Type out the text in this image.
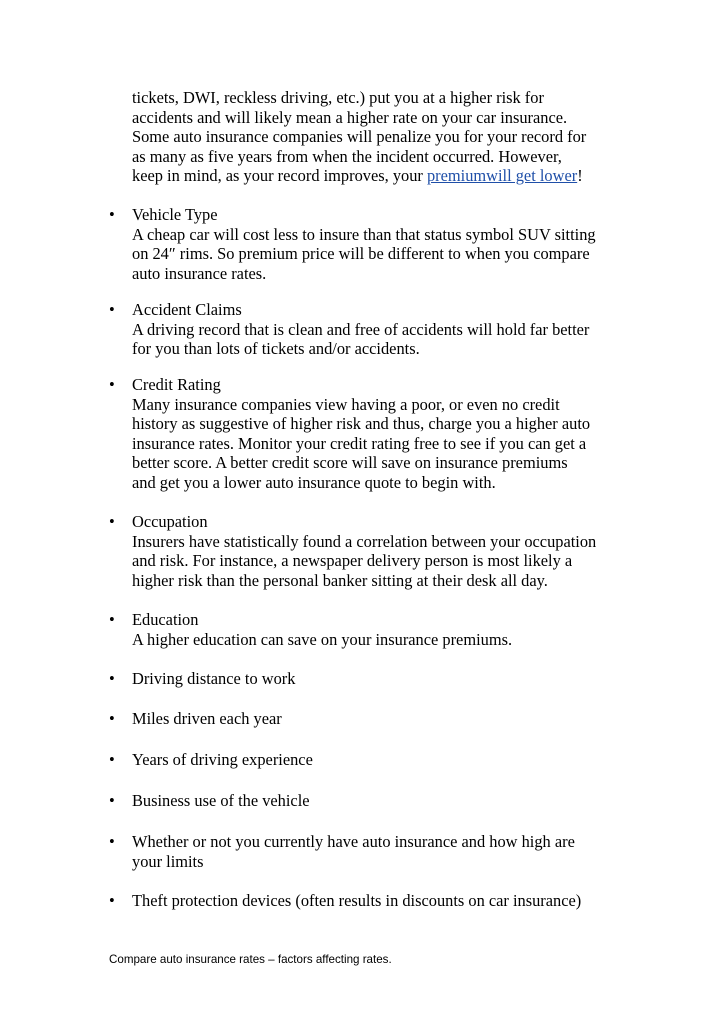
tickets, DWI, reckless driving, etc.) put you at a higher risk for
accidents and will likely mean a higher rate on your car insurance.
Some auto insurance companies will penalize you for your record for
as many as five years from when the incident occurred. However,
keep in mind, as your record improves, your premiumwill get lower!
• Vehicle Type
A cheap car will cost less to insure than that status symbol SUV sitting
on 24″ rims. So premium price will be different to when you compare
auto insurance rates.
• Accident Claims
A driving record that is clean and free of accidents will hold far better
for you than lots of tickets and/or accidents.
• Credit Rating
Many insurance companies view having a poor, or even no credit
history as suggestive of higher risk and thus, charge you a higher auto
insurance rates. Monitor your credit rating free to see if you can get a
better score. A better credit score will save on insurance premiums
and get you a lower auto insurance quote to begin with.
• Occupation
Insurers have statistically found a correlation between your occupation
and risk. For instance, a newspaper delivery person is most likely a
higher risk than the personal banker sitting at their desk all day.
• Education
A higher education can save on your insurance premiums.
• Driving distance to work
• Miles driven each year
• Years of driving experience
• Business use of the vehicle
• Whether or not you currently have auto insurance and how high are
your limits
• Theft protection devices (often results in discounts on car insurance)
Compare auto insurance rates – factors affecting rates.
